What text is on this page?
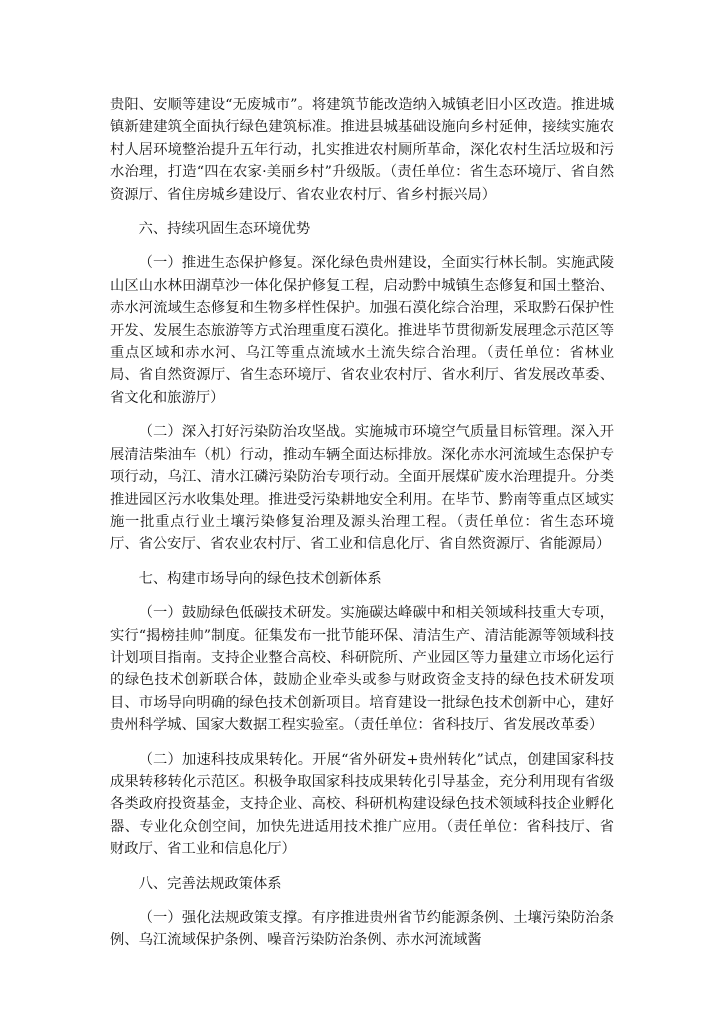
贵阳、安顺等建设“无废城市”。将建筑节能改造纳入城镇老旧小区改造。推进城镇新建建筑全面执行绿色建筑标准。推进县城基础设施向乡村延伸，接续实施农村人居环境整治提升五年行动，扎实推进农村厕所革命，深化农村生活垃圾和污水治理，打造“四在农家·美丽乡村”升级版。（责任单位：省生态环境厅、省自然资源厅、省住房城乡建设厅、省农业农村厅、省乡村振兴局）

六、持续巩固生态环境优势

（一）推进生态保护修复。深化绿色贵州建设，全面实行林长制。实施武陵山区山水林田湖草沙一体化保护修复工程，启动黔中城镇生态修复和国土整治、赤水河流域生态修复和生物多样性保护。加强石漠化综合治理，采取黔石保护性开发、发展生态旅游等方式治理重度石漠化。推进毕节贯彻新发展理念示范区等重点区域和赤水河、乌江等重点流域水土流失综合治理。（责任单位：省林业局、省自然资源厅、省生态环境厅、省农业农村厅、省水利厅、省发展改革委、省文化和旅游厅）

（二）深入打好污染防治攻坚战。实施城市环境空气质量目标管理。深入开展清洁柴油车（机）行动，推动车辆全面达标排放。深化赤水河流域生态保护专项行动，乌江、清水江磷污染防治专项行动。全面开展煤矿废水治理提升。分类推进园区污水收集处理。推进受污染耕地安全利用。在毕节、黔南等重点区域实施一批重点行业土壤污染修复治理及源头治理工程。（责任单位：省生态环境厅、省公安厅、省农业农村厅、省工业和信息化厅、省自然资源厅、省能源局）

七、构建市场导向的绿色技术创新体系

（一）鼓励绿色低碳技术研发。实施碳达峰碳中和相关领域科技重大专项，实行“揭榜挂帅”制度。征集发布一批节能环保、清洁生产、清洁能源等领域科技计划项目指南。支持企业整合高校、科研院所、产业园区等力量建立市场化运行的绿色技术创新联合体，鼓励企业牵头或参与财政资金支持的绿色技术研发项目、市场导向明确的绿色技术创新项目。培育建设一批绿色技术创新中心，建好贵州科学城、国家大数据工程实验室。（责任单位：省科技厅、省发展改革委）

（二）加速科技成果转化。开展“省外研发+贵州转化”试点，创建国家科技成果转移转化示范区。积极争取国家科技成果转化引导基金，充分利用现有省级各类政府投资基金，支持企业、高校、科研机构建设绿色技术领域科技企业孵化器、专业化众创空间，加快先进适用技术推广应用。（责任单位：省科技厅、省财政厅、省工业和信息化厅）

八、完善法规政策体系

（一）强化法规政策支撑。有序推进贵州省节约能源条例、土壤污染防治条例、乌江流域保护条例、噪音污染防治条例、赤水河流域酱
